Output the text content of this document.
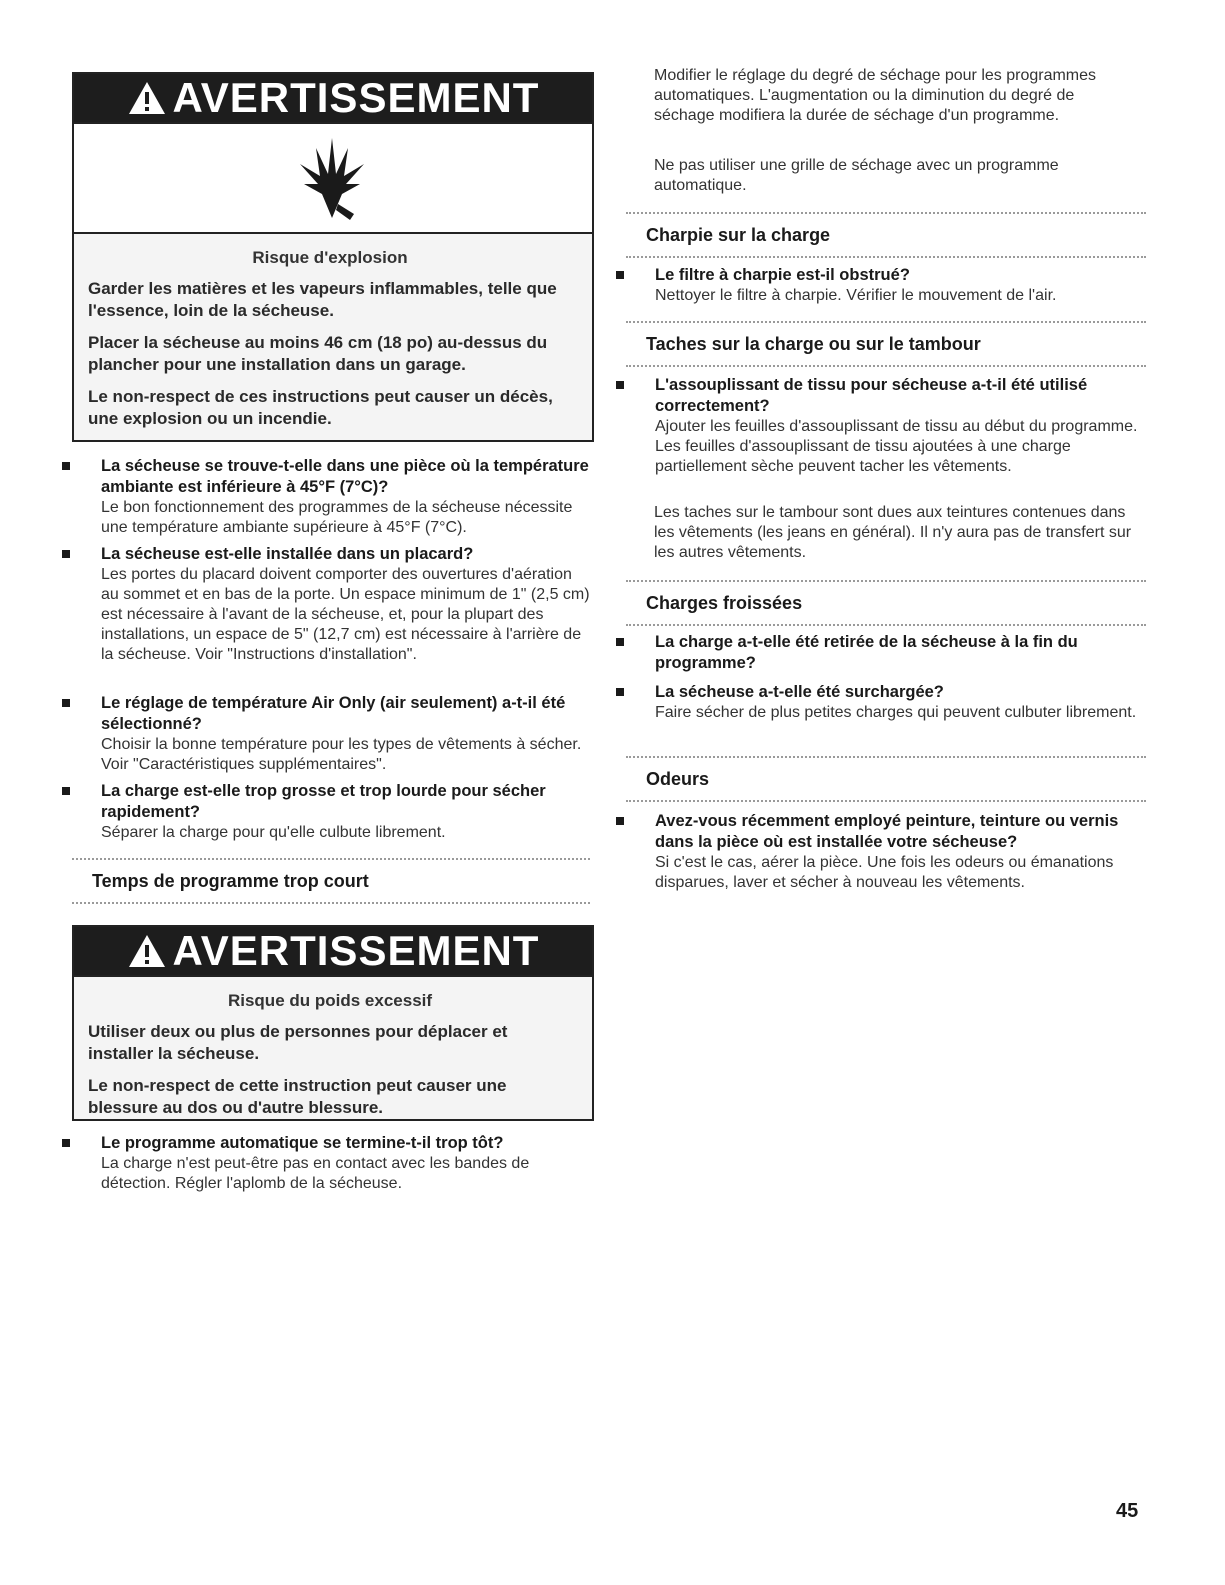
AVERTISSEMENT
Risque d'explosion

Garder les matières et les vapeurs inflammables, telle que l'essence, loin de la sécheuse.

Placer la sécheuse au moins 46 cm (18 po) au-dessus du plancher pour une installation dans un garage.

Le non-respect de ces instructions peut causer un décès, une explosion ou un incendie.

La sécheuse se trouve-t-elle dans une pièce où la température ambiante est inférieure à 45°F (7°C)?
Le bon fonctionnement des programmes de la sécheuse nécessite une température ambiante supérieure à 45°F (7°C).
La sécheuse est-elle installée dans un placard?
Les portes du placard doivent comporter des ouvertures d'aération au sommet et en bas de la porte. Un espace minimum de 1" (2,5 cm) est nécessaire à l'avant de la sécheuse, et, pour la plupart des installations, un espace de 5" (12,7 cm) est nécessaire à l'arrière de la sécheuse. Voir "Instructions d'installation".
Le réglage de température Air Only (air seulement) a-t-il été sélectionné?
Choisir la bonne température pour les types de vêtements à sécher. Voir "Caractéristiques supplémentaires".
La charge est-elle trop grosse et trop lourde pour sécher rapidement?
Séparer la charge pour qu'elle culbute librement.
Temps de programme trop court
AVERTISSEMENT
Risque du poids excessif

Utiliser deux ou plus de personnes pour déplacer et installer la sécheuse.

Le non-respect de cette instruction peut causer une blessure au dos ou d'autre blessure.

Le programme automatique se termine-t-il trop tôt?
La charge n'est peut-être pas en contact avec les bandes de détection. Régler l'aplomb de la sécheuse.
Modifier le réglage du degré de séchage pour les programmes automatiques. L'augmentation ou la diminution du degré de séchage modifiera la durée de séchage d'un programme.
Ne pas utiliser une grille de séchage avec un programme automatique.
Charpie sur la charge
Le filtre à charpie est-il obstrué?
Nettoyer le filtre à charpie. Vérifier le mouvement de l'air.
Taches sur la charge ou sur le tambour
L'assouplissant de tissu pour sécheuse a-t-il été utilisé correctement?
Ajouter les feuilles d'assouplissant de tissu au début du programme. Les feuilles d'assouplissant de tissu ajoutées à une charge partiellement sèche peuvent tacher les vêtements.
Les taches sur le tambour sont dues aux teintures contenues dans les vêtements (les jeans en général). Il n'y aura pas de transfert sur les autres vêtements.
Charges froissées
La charge a-t-elle été retirée de la sécheuse à la fin du programme?
La sécheuse a-t-elle été surchargée?
Faire sécher de plus petites charges qui peuvent culbuter librement.
Odeurs
Avez-vous récemment employé peinture, teinture ou vernis dans la pièce où est installée votre sécheuse?
Si c'est le cas, aérer la pièce. Une fois les odeurs ou émanations disparues, laver et sécher à nouveau les vêtements.
45
